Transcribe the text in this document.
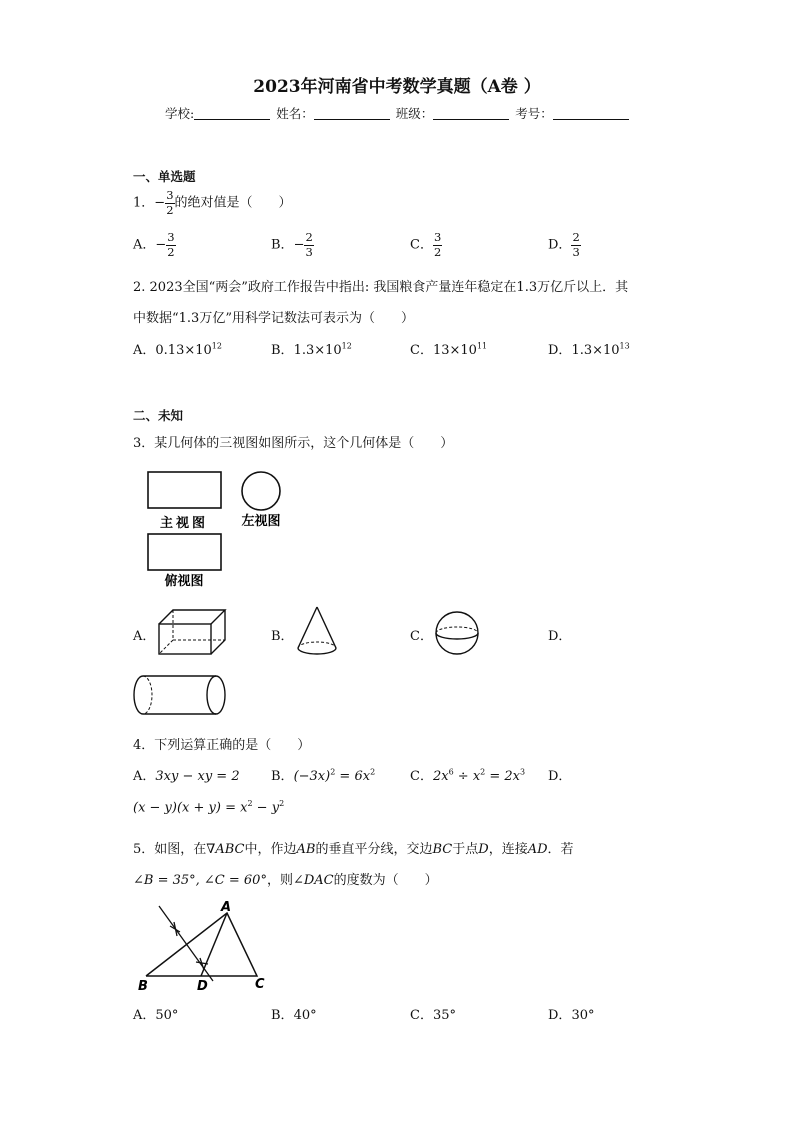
2023年河南省中考数学真题（A卷 ）
学校:	姓名：	班级：	考号：
一、单选题
1．− $\frac{3}{2}$ 的绝对值是（　　）
A．− $\frac{3}{2}$	B．− $\frac{2}{3}$	C． $\frac{3}{2}$	D． $\frac{2}{3}$
2. 2023全国“两会”政府工作报告中指出: 我国粮食产量连年稳定在1.3万亿斤以上．其
中数据“1.3万亿”用科学记数法可表示为（　　）
A．$0.13\times 10^{12}$	B．$1.3\times 10^{12}$	C．$13\times 10^{11}$	D．$1.3\times 10^{13}$
二、未知
3．某几何体的三视图如图所示，这个几何体是（　　）
主视图	左视图
俯视图
A．	B．	C．	D．
4．下列运算正确的是（　　）
A．3xy − xy = 2 B．$(-3x)^2 = 6x^2$	C．$2x^6 \div x^2 = 2x^3$ D．
$(x - y)(x + y) = x^2 - y^2$
5．如图，在∇ABC中，作边AB的垂直平分线，交边BC于点D，连接AD．若
∠B = 35°, ∠C = 60°，则∠DAC的度数为（　　）
A
B	C
D
A．50°	B．40°	C．35°	D．30°
